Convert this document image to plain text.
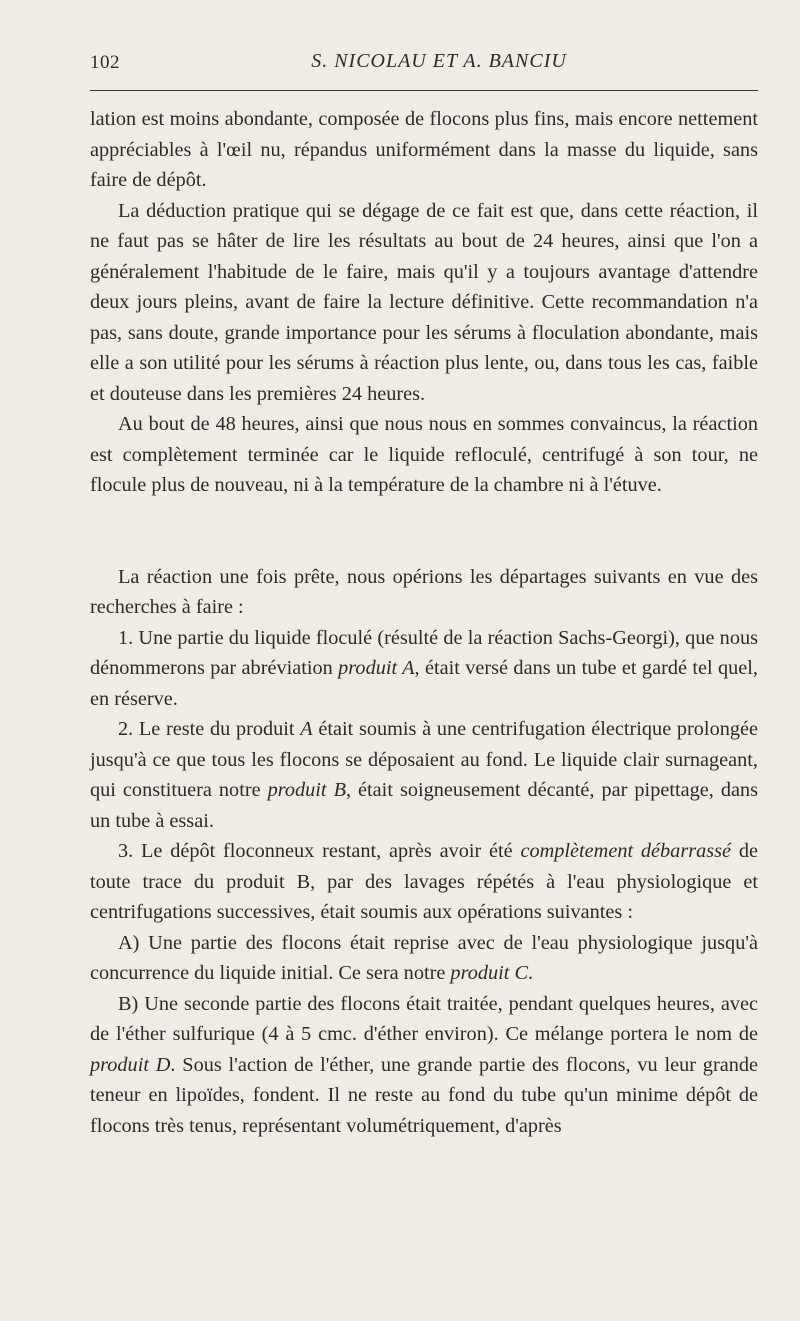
102	S. NICOLAU ET A. BANCIU

lation est moins abondante, composée de flocons plus fins, mais encore nettement appréciables à l'œil nu, répandus uniformément dans la masse du liquide, sans faire de dépôt.

La déduction pratique qui se dégage de ce fait est que, dans cette réaction, il ne faut pas se hâter de lire les résultats au bout de 24 heures, ainsi que l'on a généralement l'habitude de le faire, mais qu'il y a toujours avantage d'attendre deux jours pleins, avant de faire la lecture définitive. Cette recommandation n'a pas, sans doute, grande importance pour les sérums à floculation abondante, mais elle a son utilité pour les sérums à réaction plus lente, ou, dans tous les cas, faible et douteuse dans les premières 24 heures.

Au bout de 48 heures, ainsi que nous nous en sommes convaincus, la réaction est complètement terminée car le liquide refloculé, centrifugé à son tour, ne flocule plus de nouveau, ni à la température de la chambre ni à l'étuve.

La réaction une fois prête, nous opérions les départages suivants en vue des recherches à faire :

1. Une partie du liquide floculé (résulté de la réaction Sachs-Georgi), que nous dénommerons par abréviation produit A, était versé dans un tube et gardé tel quel, en réserve.

2. Le reste du produit A était soumis à une centrifugation électrique prolongée jusqu'à ce que tous les flocons se déposaient au fond. Le liquide clair surnageant, qui constituera notre produit B, était soigneusement décanté, par pipettage, dans un tube à essai.

3. Le dépôt floconneux restant, après avoir été complètement débarrassé de toute trace du produit B, par des lavages répétés à l'eau physiologique et centrifugations successives, était soumis aux opérations suivantes :

A) Une partie des flocons était reprise avec de l'eau physiologique jusqu'à concurrence du liquide initial. Ce sera notre produit C.

B) Une seconde partie des flocons était traitée, pendant quelques heures, avec de l'éther sulfurique (4 à 5 cmc. d'éther environ). Ce mélange portera le nom de produit D. Sous l'action de l'éther, une grande partie des flocons, vu leur grande teneur en lipoïdes, fondent. Il ne reste au fond du tube qu'un minime dépôt de flocons très tenus, représentant volumétriquement, d'après
